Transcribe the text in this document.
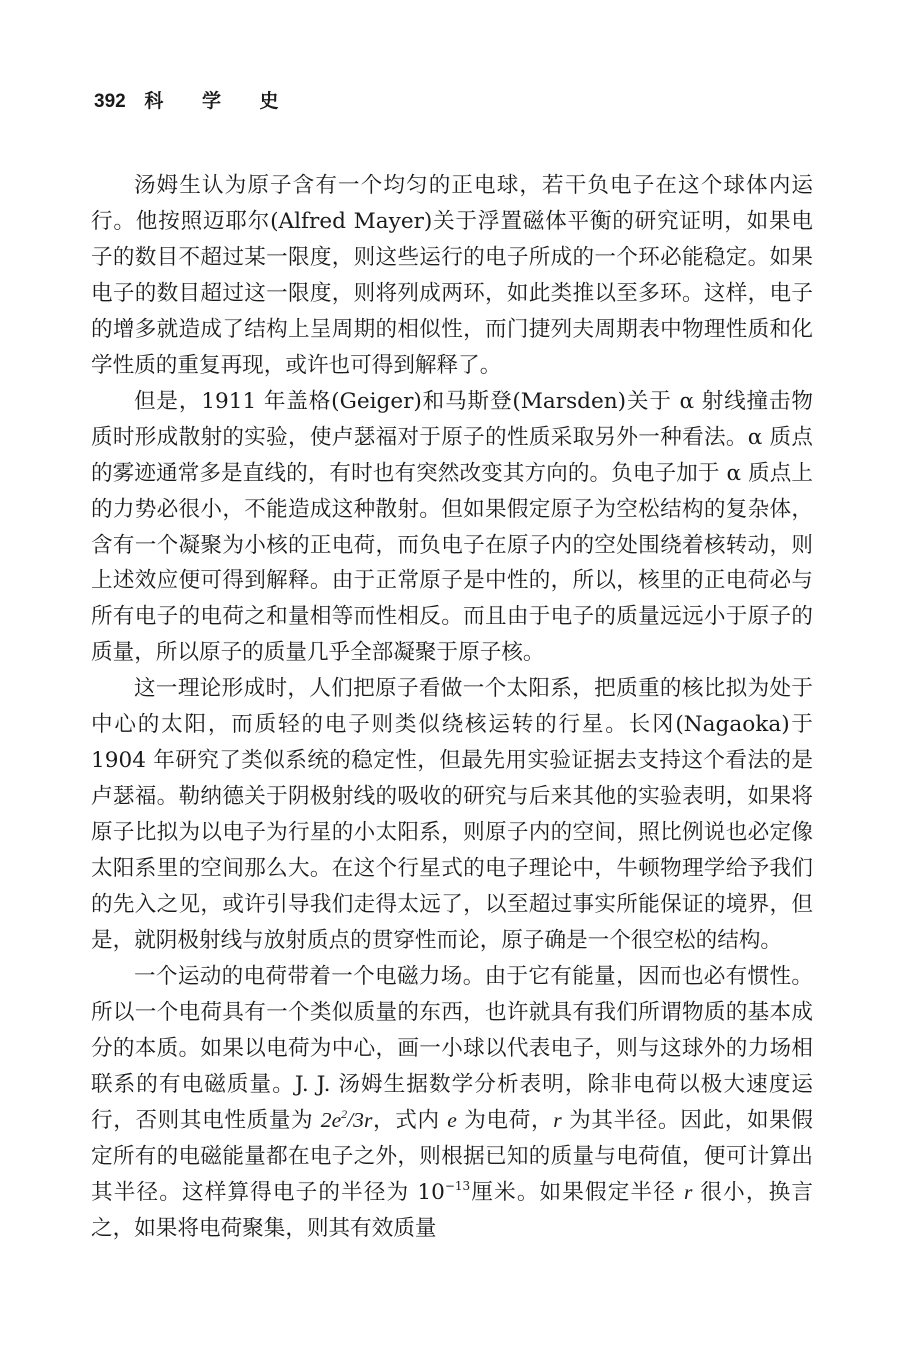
392 科 学 史

汤姆生认为原子含有一个均匀的正电球，若干负电子在这个球体内运行。他按照迈耶尔(Alfred Mayer)关于浮置磁体平衡的研究证明，如果电子的数目不超过某一限度，则这些运行的电子所成的一个环必能稳定。如果电子的数目超过这一限度，则将列成两环，如此类推以至多环。这样，电子的增多就造成了结构上呈周期的相似性，而门捷列夫周期表中物理性质和化学性质的重复再现，或许也可得到解释了。

但是，1911 年盖格(Geiger)和马斯登(Marsden)关于 α 射线撞击物质时形成散射的实验，使卢瑟福对于原子的性质采取另外一种看法。α 质点的雾迹通常多是直线的，有时也有突然改变其方向的。负电子加于 α 质点上的力势必很小，不能造成这种散射。但如果假定原子为空松结构的复杂体，含有一个凝聚为小核的正电荷，而负电子在原子内的空处围绕着核转动，则上述效应便可得到解释。由于正常原子是中性的，所以，核里的正电荷必与所有电子的电荷之和量相等而性相反。而且由于电子的质量远远小于原子的质量，所以原子的质量几乎全部凝聚于原子核。

这一理论形成时，人们把原子看做一个太阳系，把质重的核比拟为处于中心的太阳，而质轻的电子则类似绕核运转的行星。长冈(Nagaoka)于 1904 年研究了类似系统的稳定性，但最先用实验证据去支持这个看法的是卢瑟福。勒纳德关于阴极射线的吸收的研究与后来其他的实验表明，如果将原子比拟为以电子为行星的小太阳系，则原子内的空间，照比例说也必定像太阳系里的空间那么大。在这个行星式的电子理论中，牛顿物理学给予我们的先入之见，或许引导我们走得太远了，以至超过事实所能保证的境界，但是，就阴极射线与放射质点的贯穿性而论，原子确是一个很空松的结构。

一个运动的电荷带着一个电磁力场。由于它有能量，因而也必有惯性。所以一个电荷具有一个类似质量的东西，也许就具有我们所谓物质的基本成分的本质。如果以电荷为中心，画一小球以代表电子，则与这球外的力场相联系的有电磁质量。J. J. 汤姆生据数学分析表明，除非电荷以极大速度运行，否则其电性质量为 $2e^2/3r$，式内 e 为电荷，r 为其半径。因此，如果假定所有的电磁能量都在电子之外，则根据已知的质量与电荷值，便可计算出其半径。这样算得电子的半径为 $10^{-13}$厘米。如果假定半径 r 很小，换言之，如果将电荷聚集，则其有效质量
